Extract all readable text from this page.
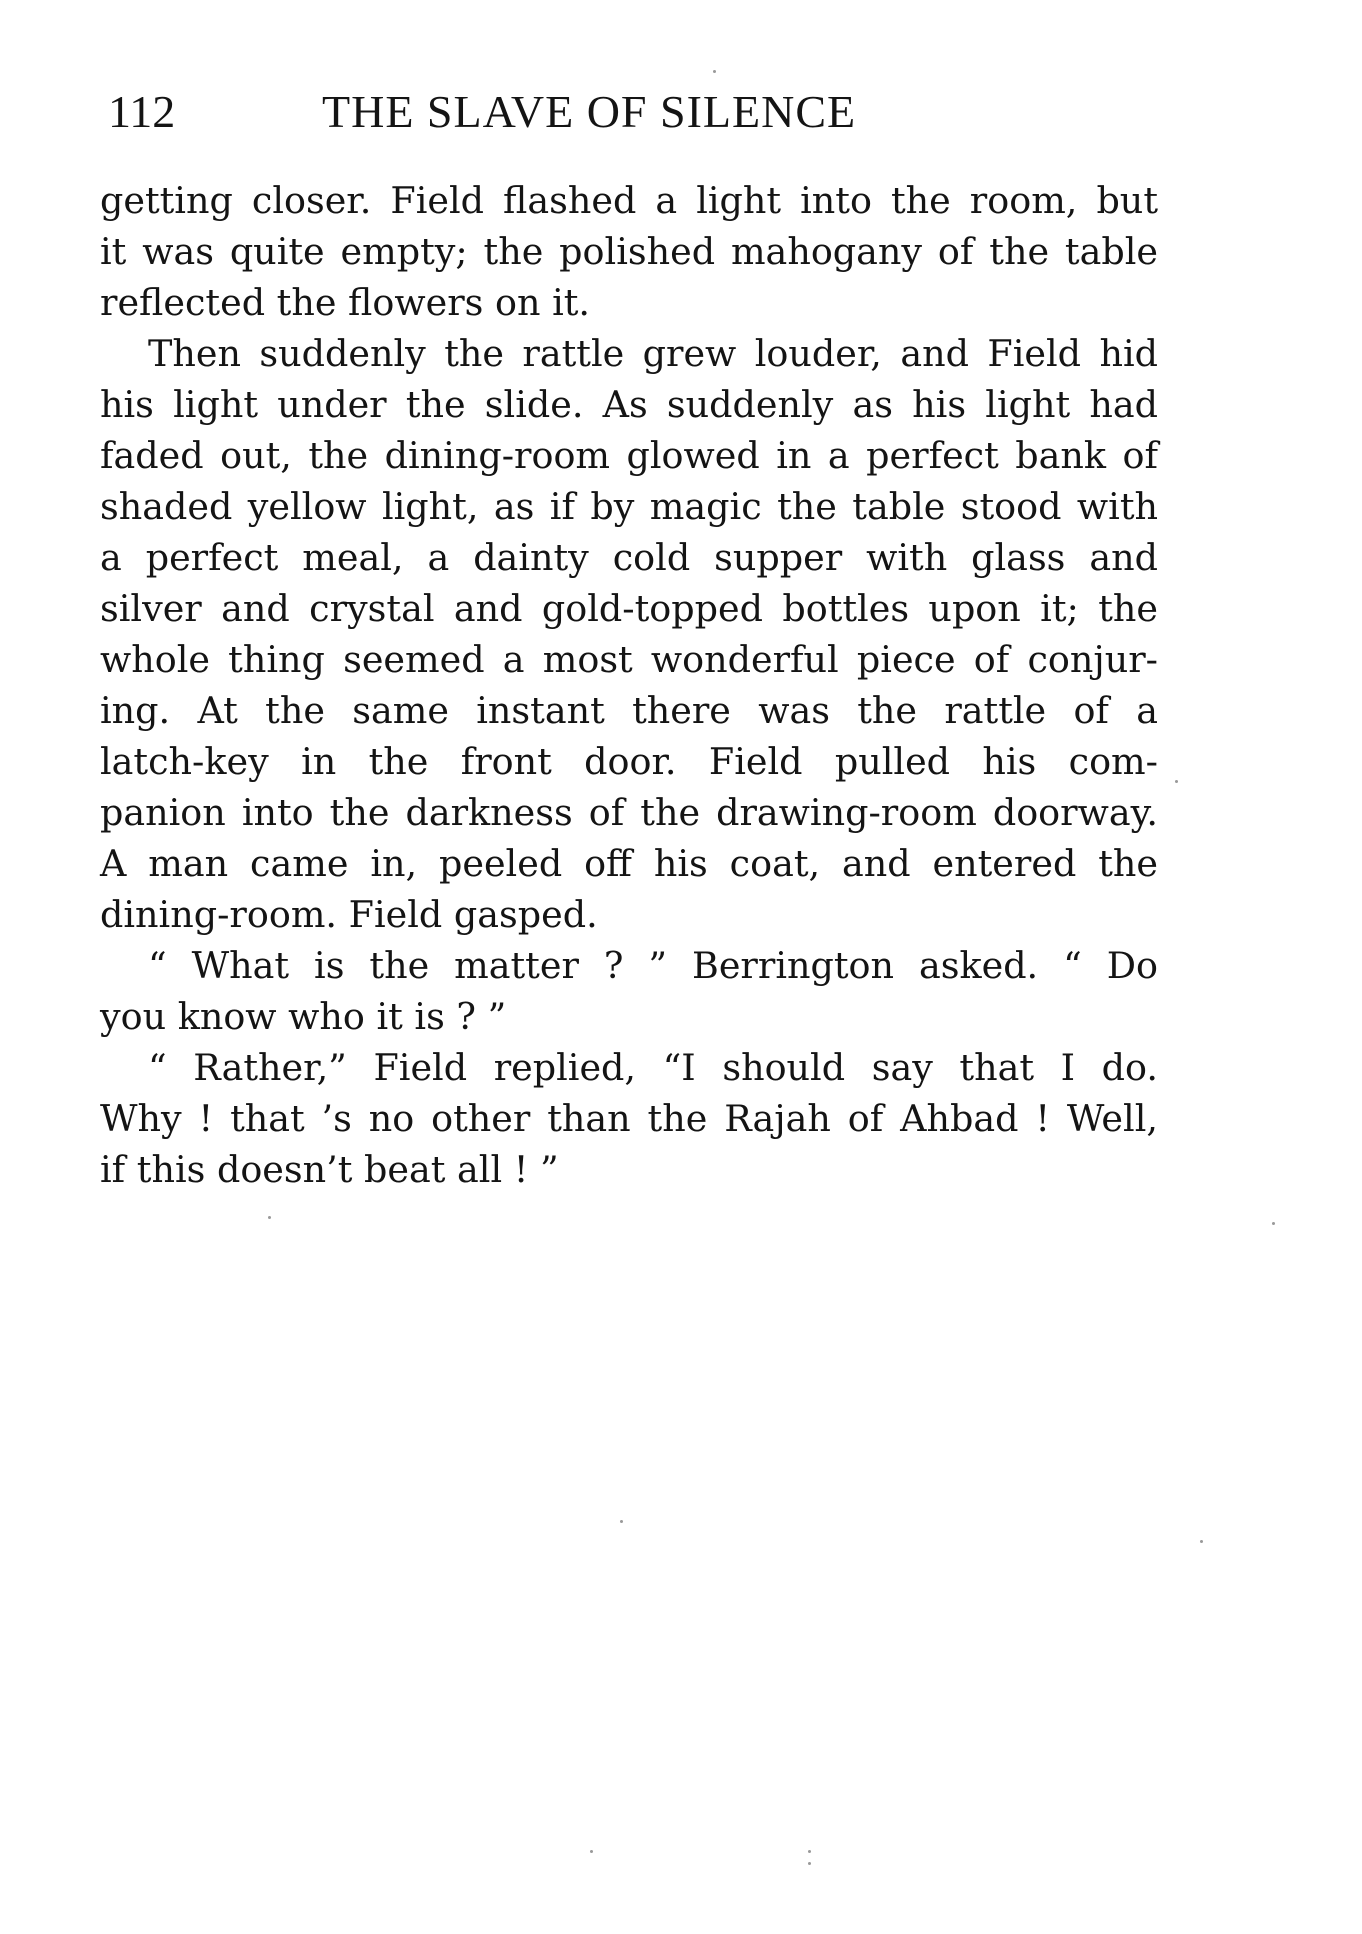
112	THE SLAVE OF SILENCE
getting closer. Field flashed a light into the room, but
it was quite empty; the polished mahogany of the table
reflected the flowers on it.
Then suddenly the rattle grew louder, and Field hid
his light under the slide. As suddenly as his light had
faded out, the dining-room glowed in a perfect bank of
shaded yellow light, as if by magic the table stood with
a perfect meal, a dainty cold supper with glass and
silver and crystal and gold-topped bottles upon it; the
whole thing seemed a most wonderful piece of conjur-
ing. At the same instant there was the rattle of a
latch-key in the front door. Field pulled his com-
panion into the darkness of the drawing-room doorway.
A man came in, peeled off his coat, and entered the
dining-room. Field gasped.
“ What is the matter ? ” Berrington asked. “ Do
you know who it is ? ”
“ Rather,” Field replied, “I should say that I do.
Why ! that ’s no other than the Rajah of Ahbad ! Well,
if this doesn’t beat all ! ”
